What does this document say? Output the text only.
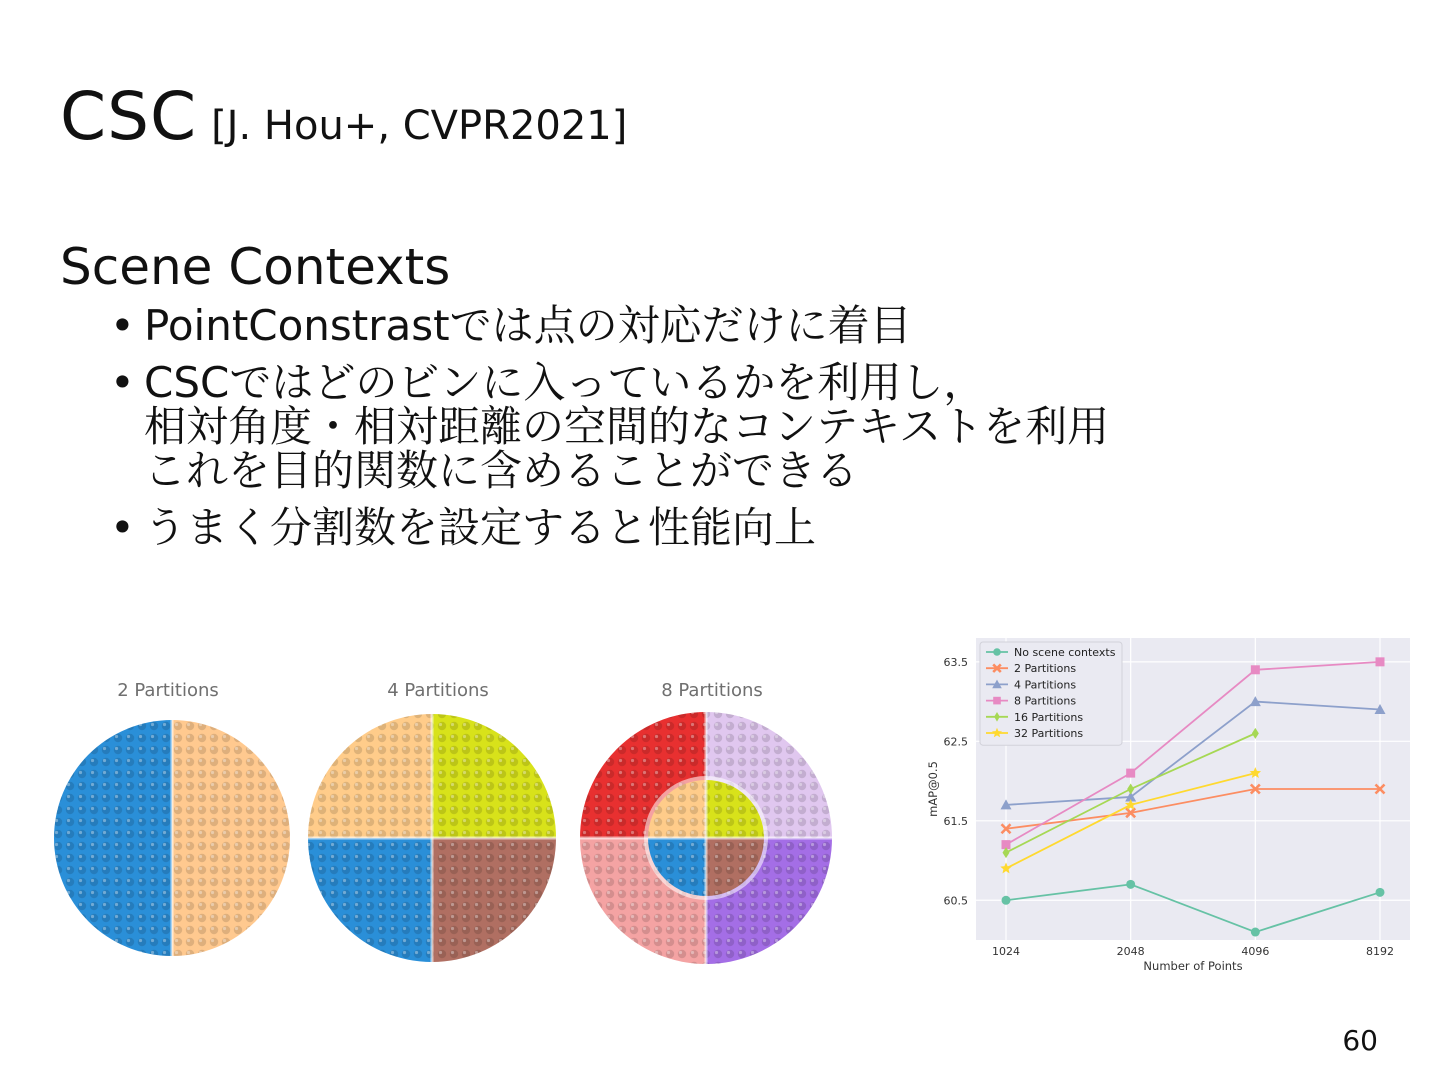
CSC [J. Hou+, CVPR2021]
Scene Contexts
• PointConstrastでは点の対応だけに着目
• CSCではどのビンに入っているかを利用し，
相対角度・相対距離の空間的なコンテキストを利用
これを目的関数に含めることができる
• うまく分割数を設定すると性能向上
2 Partitions	4 Partitions	8 Partitions
60.5
61.5
62.5
63.5
1024	2048	4096	8192
Number of Points
mAP@0.5
No scene contexts
2 Partitions
4 Partitions
8 Partitions
16 Partitions
32 Partitions
60
